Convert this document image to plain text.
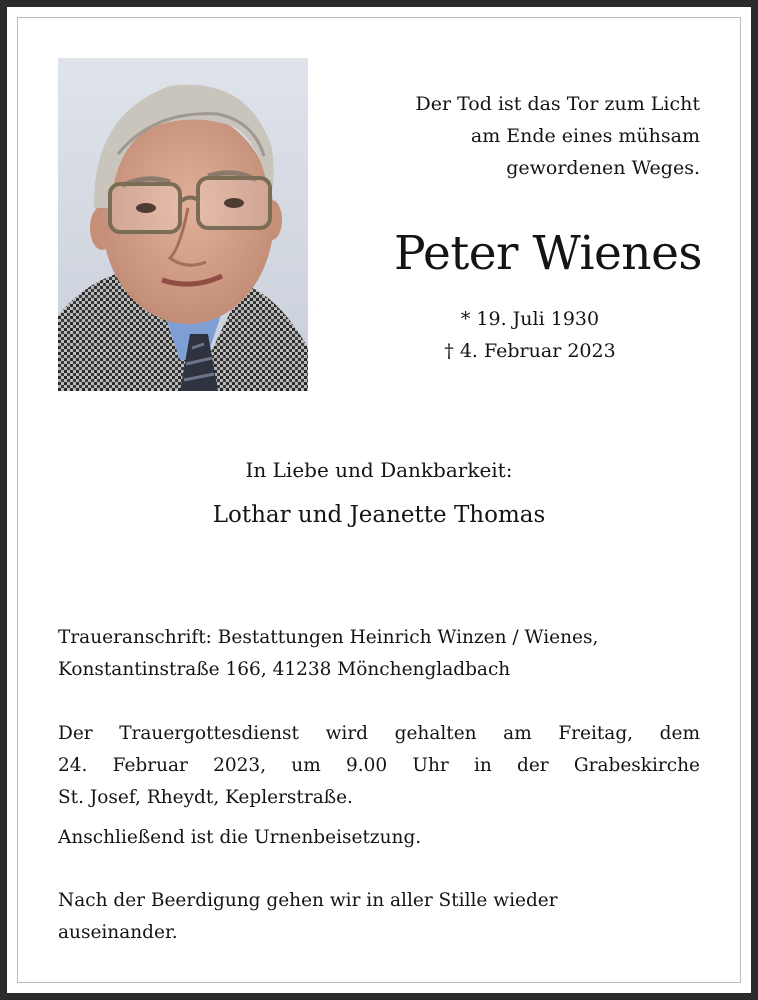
Der Tod ist das Tor zum Licht
am Ende eines mühsam
gewordenen Weges.
Peter Wienes
* 19. Juli 1930
† 4. Februar 2023
In Liebe und Dankbarkeit:
Lothar und Jeanette Thomas
Traueranschrift: Bestattungen Heinrich Winzen / Wienes,
Konstantinstraße 166, 41238 Mönchengladbach
Der Trauergottesdienst wird gehalten am Freitag, dem
24. Februar 2023, um 9.00 Uhr in der Grabeskirche
St. Josef, Rheydt, Keplerstraße.
Anschließend ist die Urnenbeisetzung.
Nach der Beerdigung gehen wir in aller Stille wieder
auseinander.
